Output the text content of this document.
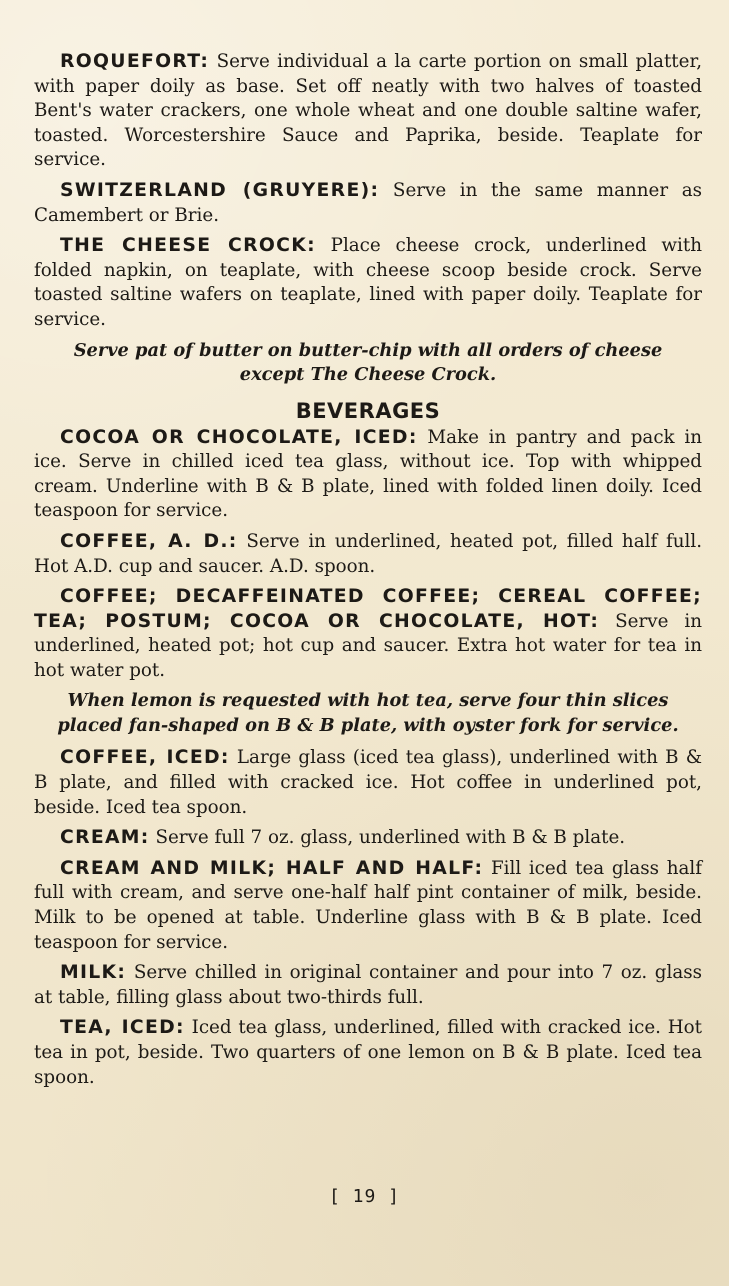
ROQUEFORT: Serve individual a la carte portion on small platter, with paper doily as base. Set off neatly with two halves of toasted Bent's water crackers, one whole wheat and one double saltine wafer, toasted. Worcestershire Sauce and Paprika, beside. Teaplate for service.

SWITZERLAND (GRUYERE): Serve in the same manner as Camembert or Brie.

THE CHEESE CROCK: Place cheese crock, underlined with folded napkin, on teaplate, with cheese scoop beside crock. Serve toasted saltine wafers on teaplate, lined with paper doily. Teaplate for service.

Serve pat of butter on butter-chip with all orders of cheese except The Cheese Crock.

BEVERAGES

COCOA OR CHOCOLATE, ICED: Make in pantry and pack in ice. Serve in chilled iced tea glass, without ice. Top with whipped cream. Underline with B & B plate, lined with folded linen doily. Iced teaspoon for service.

COFFEE, A. D.: Serve in underlined, heated pot, filled half full. Hot A.D. cup and saucer. A.D. spoon.

COFFEE; DECAFFEINATED COFFEE; CEREAL COFFEE; TEA; POSTUM; COCOA OR CHOCOLATE, HOT: Serve in underlined, heated pot; hot cup and saucer. Extra hot water for tea in hot water pot.

When lemon is requested with hot tea, serve four thin slices placed fan-shaped on B & B plate, with oyster fork for service.

COFFEE, ICED: Large glass (iced tea glass), underlined with B & B plate, and filled with cracked ice. Hot coffee in underlined pot, beside. Iced tea spoon.

CREAM: Serve full 7 oz. glass, underlined with B & B plate.

CREAM AND MILK; HALF AND HALF: Fill iced tea glass half full with cream, and serve one-half half pint container of milk, beside. Milk to be opened at table. Underline glass with B & B plate. Iced teaspoon for service.

MILK: Serve chilled in original container and pour into 7 oz. glass at table, filling glass about two-thirds full.

TEA, ICED: Iced tea glass, underlined, filled with cracked ice. Hot tea in pot, beside. Two quarters of one lemon on B & B plate. Iced tea spoon.

[ 19 ]
